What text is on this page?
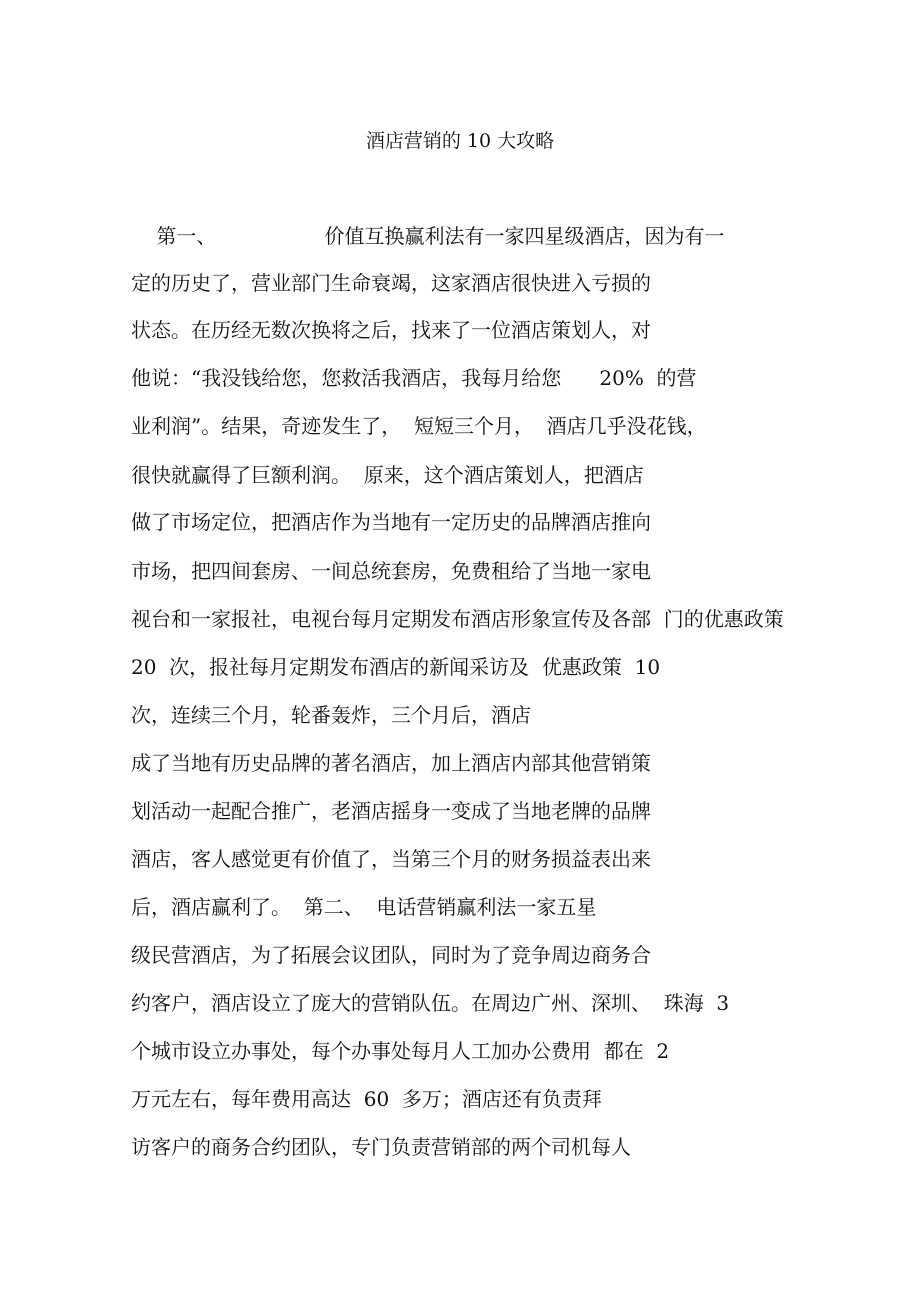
酒店营销的 10 大攻略
第一、                 价值互换赢利法有一家四星级酒店，因为有一
定的历史了，营业部门生命衰竭，这家酒店很快进入亏损的
状态。在历经无数次换将之后，找来了一位酒店策划人，对
他说：“我没钱给您，您救活我酒店，我每月给您      20%  的营
业利润”。结果，奇迹发生了，  短短三个月，  酒店几乎没花钱，
很快就赢得了巨额利润。  原来，这个酒店策划人，把酒店
做了市场定位，把酒店作为当地有一定历史的品牌酒店推向
市场，把四间套房、一间总统套房，免费租给了当地一家电
视台和一家报社，电视台每月定期发布酒店形象宣传及各部  门的优惠政策
20  次，报社每月定期发布酒店的新闻采访及  优惠政策  10
次，连续三个月，轮番轰炸，三个月后，酒店
成了当地有历史品牌的著名酒店，加上酒店内部其他营销策
划活动一起配合推广，老酒店摇身一变成了当地老牌的品牌
酒店，客人感觉更有价值了，当第三个月的财务损益表出来
后，酒店赢利了。  第二、  电话营销赢利法一家五星
级民营酒店，为了拓展会议团队，同时为了竞争周边商务合
约客户，酒店设立了庞大的营销队伍。在周边广州、深圳、  珠海  3
个城市设立办事处，每个办事处每月人工加办公费用  都在  2
万元左右，每年费用高达  60  多万；酒店还有负责拜
访客户的商务合约团队，专门负责营销部的两个司机每人
